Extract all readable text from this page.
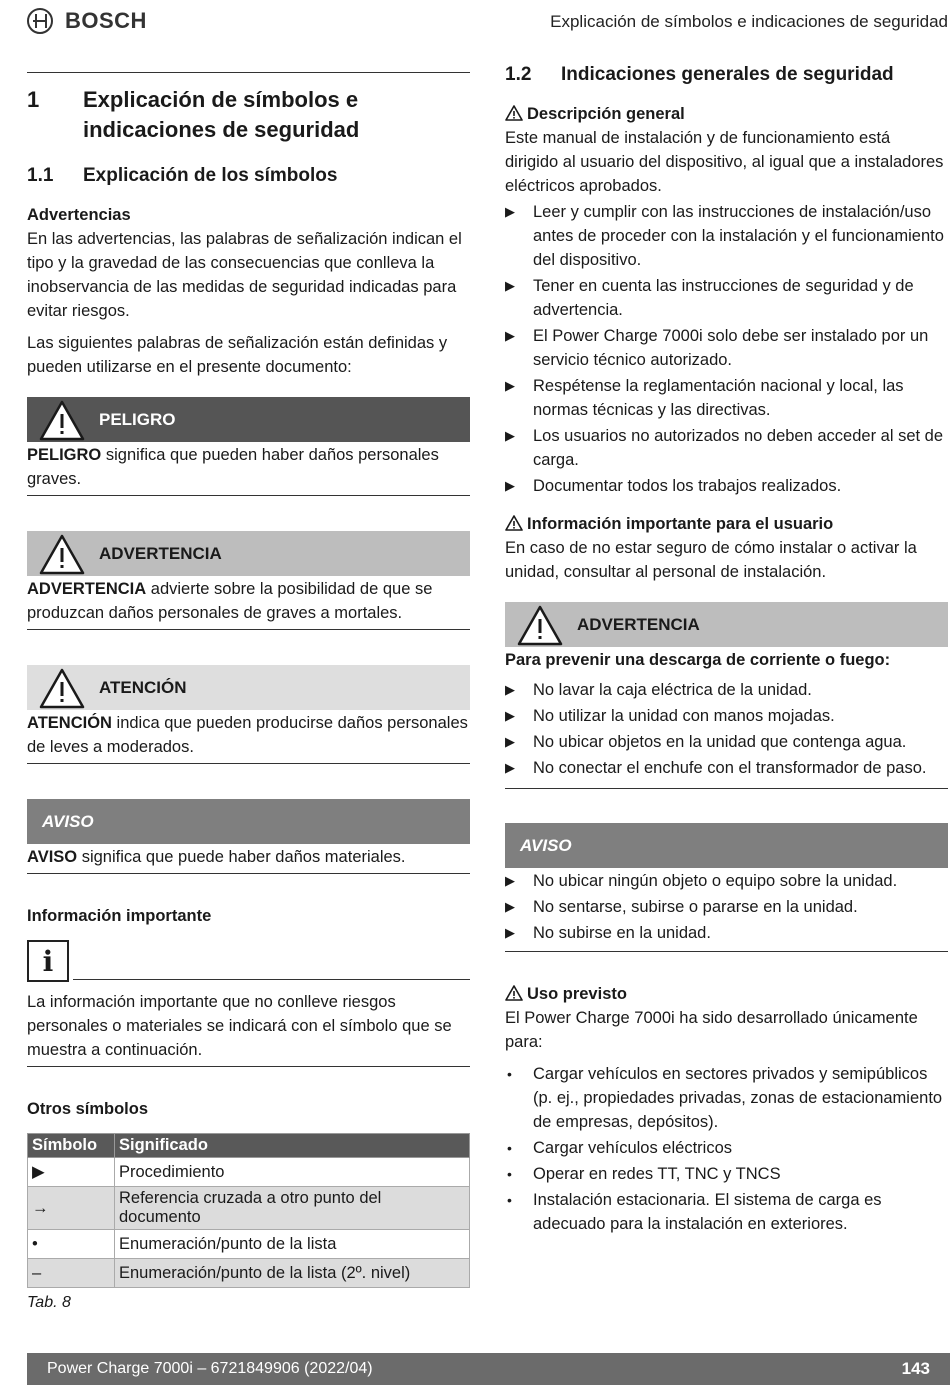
BOSCH	Explicación de símbolos e indicaciones de seguridad
1	Explicación de símbolos e indicaciones de seguridad
1.1	Explicación de los símbolos

Advertencias

En las advertencias, las palabras de señalización indican el tipo y la gravedad de las consecuencias que conlleva la inobservancia de las medidas de seguridad indicadas para evitar riesgos.

Las siguientes palabras de señalización están definidas y pueden utilizarse en el presente documento:

PELIGRO

PELIGRO significa que pueden haber daños personales graves.

ADVERTENCIA

ADVERTENCIA advierte sobre la posibilidad de que se produzcan daños personales de graves a mortales.

ATENCIÓN

ATENCIÓN indica que pueden producirse daños personales de leves a moderados.

AVISO

AVISO significa que puede haber daños materiales.

Información importante

i

La información importante que no conlleve riesgos personales o materiales se indicará con el símbolo que se muestra a continuación.

Otros símbolos

Símbolo	Significado
▶	Procedimiento
→	Referencia cruzada a otro punto del documento
•	Enumeración/punto de la lista
–	Enumeración/punto de la lista (2º. nivel)
Tab. 8
1.2	Indicaciones generales de seguridad

Descripción general

Este manual de instalación y de funcionamiento está dirigido al usuario del dispositivo, al igual que a instaladores eléctricos aprobados.

▶ Leer y cumplir con las instrucciones de instalación/uso antes de proceder con la instalación y el funcionamiento del dispositivo.
▶ Tener en cuenta las instrucciones de seguridad y de advertencia.
▶ El Power Charge 7000i solo debe ser instalado por un servicio técnico autorizado.
▶ Respétense la reglamentación nacional y local, las normas técnicas y las directivas.
▶ Los usuarios no autorizados no deben acceder al set de carga.
▶ Documentar todos los trabajos realizados.

Información importante para el usuario

En caso de no estar seguro de cómo instalar o activar la unidad, consultar al personal de instalación.

ADVERTENCIA

Para prevenir una descarga de corriente o fuego:

▶ No lavar la caja eléctrica de la unidad.
▶ No utilizar la unidad con manos mojadas.
▶ No ubicar objetos en la unidad que contenga agua.
▶ No conectar el enchufe con el transformador de paso.
AVISO
▶ No ubicar ningún objeto o equipo sobre la unidad.
▶ No sentarse, subirse o pararse en la unidad.
▶ No subirse en la unidad.

Uso previsto

El Power Charge 7000i ha sido desarrollado únicamente para:

• Cargar vehículos en sectores privados y semipúblicos (p. ej., propiedades privadas, zonas de estacionamiento de empresas, depósitos).
• Cargar vehículos eléctricos
• Operar en redes TT, TNC y TNCS
• Instalación estacionaria. El sistema de carga es adecuado para la instalación en exteriores.
Power Charge 7000i – 6721849906 (2022/04)	143
